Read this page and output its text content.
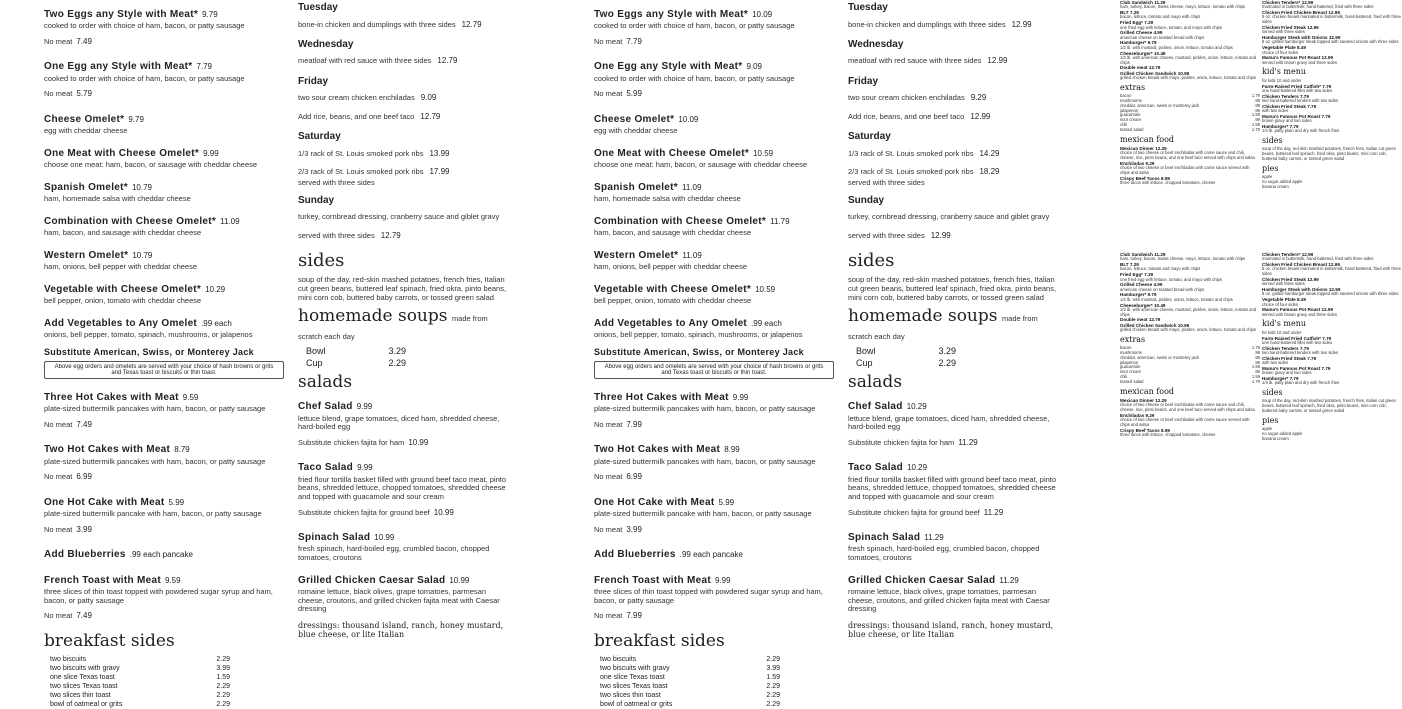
Two Eggs any Style with Meat* 9.79
cooked to order with choice of ham, bacon, or patty sausage
No meat 7.49
One Egg any Style with Meat* 7.79
cooked to order with choice of ham, bacon, or patty sausage
No meat 5.79
Cheese Omelet* 9.79
egg with cheddar cheese
One Meat with Cheese Omelet* 9.99
choose one meat: ham, bacon, or sausage with cheddar cheese
Spanish Omelet* 10.79
ham, homemade salsa with cheddar cheese
Combination with Cheese Omelet* 11.09
ham, bacon, and sausage with cheddar cheese
Western Omelet* 10.79
ham, onions, bell pepper with cheddar cheese
Vegetable with Cheese Omelet* 10.29
bell pepper, onion, tomato with cheddar cheese
Add Vegetables to Any Omelet .99 each
onions, bell pepper, tomato, spinach, mushrooms, or jalapenos
Substitute American, Swiss, or Monterey Jack
Above egg orders and omelets are served with your choice of hash browns or grits and Texas toast or biscuits or thin toast.
Three Hot Cakes with Meat 9.59
plate-sized buttermilk pancakes with ham, bacon, or patty sausage
No meat 7.49
Two Hot Cakes with Meat 8.79
plate-sized buttermilk pancakes with ham, bacon, or patty sausage
No meat 6.99
One Hot Cake with Meat 5.99
plate-sized buttermilk pancake with ham, bacon, or patty sausage
No meat 3.99
Add Blueberries .99 each pancake
French Toast with Meat 9.59
three slices of thin toast topped with powdered sugar syrup and ham, bacon, or patty sausage
No meat 7.49
breakfast sides
two biscuits	2.29
two biscuits with gravy	3.99
one slice Texas toast	1.59
two slices Texas toast	2.29
two slices thin toast	2.29
bowl of oatmeal or grits	2.29
Tuesday
bone-in chicken and dumplings with three sides 12.79
Wednesday
meatloaf with red sauce with three sides 12.79
Friday
two sour cream chicken enchiladas 9.09
Add rice, beans, and one beef taco 12.79
Saturday
1/3 rack of St. Louis smoked pork ribs 13.99
2/3 rack of St. Louis smoked pork ribs 17.99
served with three sides
Sunday
turkey, cornbread dressing, cranberry sauce and giblet gravy served with three sides 12.79
sides
soup of the day, red-skin mashed potatoes, french fries, Italian cut green beans, buttered leaf spinach, fried okra, pinto beans, mini corn cob, buttered baby carrots, or tossed green salad
homemade soups made from scratch each day
Bowl	3.29
Cup	2.29
salads
Chef Salad 9.99
lettuce blend, grape tomatoes, diced ham, shredded cheese, hard-boiled egg
Substitute chicken fajita for ham 10.99
Taco Salad 9.99
fried flour tortilla basket filled with ground beef taco meat, pinto beans, shredded lettuce, chopped tomatoes, shredded cheese and topped with guacamole and sour cream
Substitute chicken fajita for ground beef 10.99
Spinach Salad 10.99
fresh spinach, hard-boiled egg, crumbled bacon, chopped tomatoes, croutons
Grilled Chicken Caesar Salad 10.99
romaine lettuce, black olives, grape tomatoes, parmesan cheese, croutons, and grilled chicken fajita meat with Caesar dressing
dressings: thousand island, ranch, honey mustard, blue cheese, or lite Italian
Two Eggs any Style with Meat* 10.09
cooked to order with choice of ham, bacon, or patty sausage
No meat 7.79
One Egg any Style with Meat* 9.09
cooked to order with choice of ham, bacon, or patty sausage
No meat 5.99
Cheese Omelet* 10.09
egg with cheddar cheese
One Meat with Cheese Omelet* 10.59
choose one meat: ham, bacon, or sausage with cheddar cheese
Spanish Omelet* 11.09
ham, homemade salsa with cheddar cheese
Combination with Cheese Omelet* 11.79
ham, bacon, and sausage with cheddar cheese
Western Omelet* 11.09
ham, onions, bell pepper with cheddar cheese
Vegetable with Cheese Omelet* 10.59
bell pepper, onion, tomato with cheddar cheese
Add Vegetables to Any Omelet .99 each
onions, bell pepper, tomato, spinach, mushrooms, or jalapenos
Substitute American, Swiss, or Monterey Jack
Above egg orders and omelets are served with your choice of hash browns or grits and Texas toast or biscuits or thin toast.
Three Hot Cakes with Meat 9.99
plate-sized buttermilk pancakes with ham, bacon, or patty sausage
No meat 7.99
Two Hot Cakes with Meat 8.99
plate-sized buttermilk pancakes with ham, bacon, or patty sausage
No meat 6.99
One Hot Cake with Meat 5.99
plate-sized buttermilk pancake with ham, bacon, or patty sausage
No meat 3.99
Add Blueberries .99 each pancake
French Toast with Meat 9.99
three slices of thin toast topped with powdered sugar syrup and ham, bacon, or patty sausage
No meat 7.99
breakfast sides
two biscuits	2.29
two biscuits with gravy	3.99
one slice Texas toast	1.59
two slices Texas toast	2.29
two slices thin toast	2.29
bowl of oatmeal or grits	2.29
Tuesday
bone-in chicken and dumplings with three sides 12.99
Wednesday
meatloaf with red sauce with three sides 12.99
Friday
two sour cream chicken enchiladas 9.29
Add rice, beans, and one beef taco 12.99
Saturday
1/3 rack of St. Louis smoked pork ribs 14.29
2/3 rack of St. Louis smoked pork ribs 18.29
served with three sides
Sunday
turkey, cornbread dressing, cranberry sauce and giblet gravy served with three sides 12.99
sides
soup of the day, red-skin mashed potatoes, french fries, Italian cut green beans, buttered leaf spinach, fried okra, pinto beans, mini corn cob, buttered baby carrots, or tossed green salad
homemade soups made from scratch each day
Bowl	3.29
Cup	2.29
salads
Chef Salad 10.29
lettuce blend, grape tomatoes, diced ham, shredded cheese, hard-boiled egg
Substitute chicken fajita for ham 11.29
Taco Salad 10.29
fried flour tortilla basket filled with ground beef taco meat, pinto beans, shredded lettuce, chopped tomatoes, shredded cheese and topped with guacamole and sour cream
Substitute chicken fajita for ground beef 11.29
Spinach Salad 11.29
fresh spinach, hard-boiled egg, crumbled bacon, chopped tomatoes, croutons
Grilled Chicken Caesar Salad 11.29
romaine lettuce, black olives, grape tomatoes, parmesan cheese, croutons, and grilled chicken fajita meat with Caesar dressing
dressings: thousand island, ranch, honey mustard, blue cheese, or lite Italian
Club Sandwich 11.29
ham, turkey, bacon, Swiss cheese, mayo, lettuce, tomato with chips
BLT 7.29
bacon, lettuce, tomato and mayo with chips
Fried Egg* 7.29
one fried egg with lettuce, tomato, and mayo with chips
Grilled Cheese 4.99
american cheese on toasted bread with chips
Hamburger* 9.79
1/2 lb. with mustard, pickles, onion, lettuce, tomato and chips
Cheeseburger* 10.49
1/2 lb. with american cheese, mustard, pickles, onion, lettuce, tomato and chips
Double meat 12.79
Grilled Chicken Sandwich 10.99
grilled chicken breast with mayo, pickles, onion, lettuce, tomato and chips
extras
bacon	1.79
mushrooms	.99
cheddar, american, swiss or monterey jack	.99
jalapenos	.99
guacamole	1.59
sour cream	.99
chili	1.59
tossed salad	1.79
mexican food
Mexican Dinner 12.29
choice of two cheese or beef enchiladas with carne sauce and chili, cheese, rice, pinto beans, and one beef taco served with chips and salsa
Enchiladas 9.29
choice of two cheese or beef enchiladas with carne sauce served with chips and salsa
Crispy Beef Tacos 8.99
three tacos with lettuce, chopped tomatoes, cheese
Chicken Tenders* 12.99
marinated in buttermilk, hand-battered, fried with three sides
Chicken Fried Chicken Breast 12.99
5 oz. chicken breast marinated in buttermilk, hand-battered, fried with three sides
Chicken Fried Steak 12.99
served with three sides
Hamburger Steak with Onions 12.99
8 oz. grilled hamburger steak topped with sauteed onions with three sides
Vegetable Plate 8.49
choice of four sides
Mama's Famous Pot Roast 12.99
served with brown gravy and three sides
kid's menu
for kids 10 and under
Farm-Raised Fried Catfish* 7.79
one hand-battered fillet with two sides
Chicken Tenders 7.79
two hand-battered tenders with two sides
Chicken Fried Steak 7.79
with two sides
Mama's Famous Pot Roast 7.79
brown gravy and two sides
Hamburger* 7.79
1/4 lb. patty plain and dry with french fries
sides
soup of the day, red-skin mashed potatoes, french fries, Italian cut green beans, buttered leaf spinach, fried okra, pinto beans, mini corn cob, buttered baby carrots, or tossed green salad
pies
apple
no sugar added apple
banana cream
Club Sandwich 11.29
ham, turkey, bacon, Swiss cheese, mayo, lettuce, tomato with chips
BLT 7.29
bacon, lettuce, tomato and mayo with chips
Fried Egg* 7.29
one fried egg with lettuce, tomato, and mayo with chips
Grilled Cheese 4.99
american cheese on toasted bread with chips
Hamburger* 9.79
1/2 lb. with mustard, pickles, onion, lettuce, tomato and chips
Cheeseburger* 10.49
1/2 lb. with american cheese, mustard, pickles, onion, lettuce, tomato and chips
Double meat 12.79
Grilled Chicken Sandwich 10.99
grilled chicken breast with mayo, pickles, onion, lettuce, tomato and chips
extras
bacon	1.79
mushrooms	.99
cheddar, american, swiss or monterey jack	.99
jalapenos	.99
guacamole	1.59
sour cream	.99
chili	1.59
tossed salad	1.79
mexican food
Mexican Dinner 12.29
choice of two cheese or beef enchiladas with carne sauce and chili, cheese, rice, pinto beans, and one beef taco served with chips and salsa
Enchiladas 9.29
choice of two cheese or beef enchiladas with carne sauce served with chips and salsa
Crispy Beef Tacos 8.99
three tacos with lettuce, chopped tomatoes, cheese
Chicken Tenders* 12.99
marinated in buttermilk, hand-battered, fried with three sides
Chicken Fried Chicken Breast 12.99
5 oz. chicken breast marinated in buttermilk, hand-battered, fried with three sides
Chicken Fried Steak 12.99
served with three sides
Hamburger Steak with Onions 12.99
8 oz. grilled hamburger steak topped with sauteed onions with three sides
Vegetable Plate 8.49
choice of four sides
Mama's Famous Pot Roast 12.99
served with brown gravy and three sides
kid's menu
for kids 10 and under
Farm-Raised Fried Catfish* 7.79
one hand-battered fillet with two sides
Chicken Tenders 7.79
two hand-battered tenders with two sides
Chicken Fried Steak 7.79
with two sides
Mama's Famous Pot Roast 7.79
brown gravy and two sides
Hamburger* 7.79
1/4 lb. patty plain and dry with french fries
sides
soup of the day, red-skin mashed potatoes, french fries, Italian cut green beans, buttered leaf spinach, fried okra, pinto beans, mini corn cob, buttered baby carrots, or tossed green salad
pies
apple
no sugar added apple
banana cream
